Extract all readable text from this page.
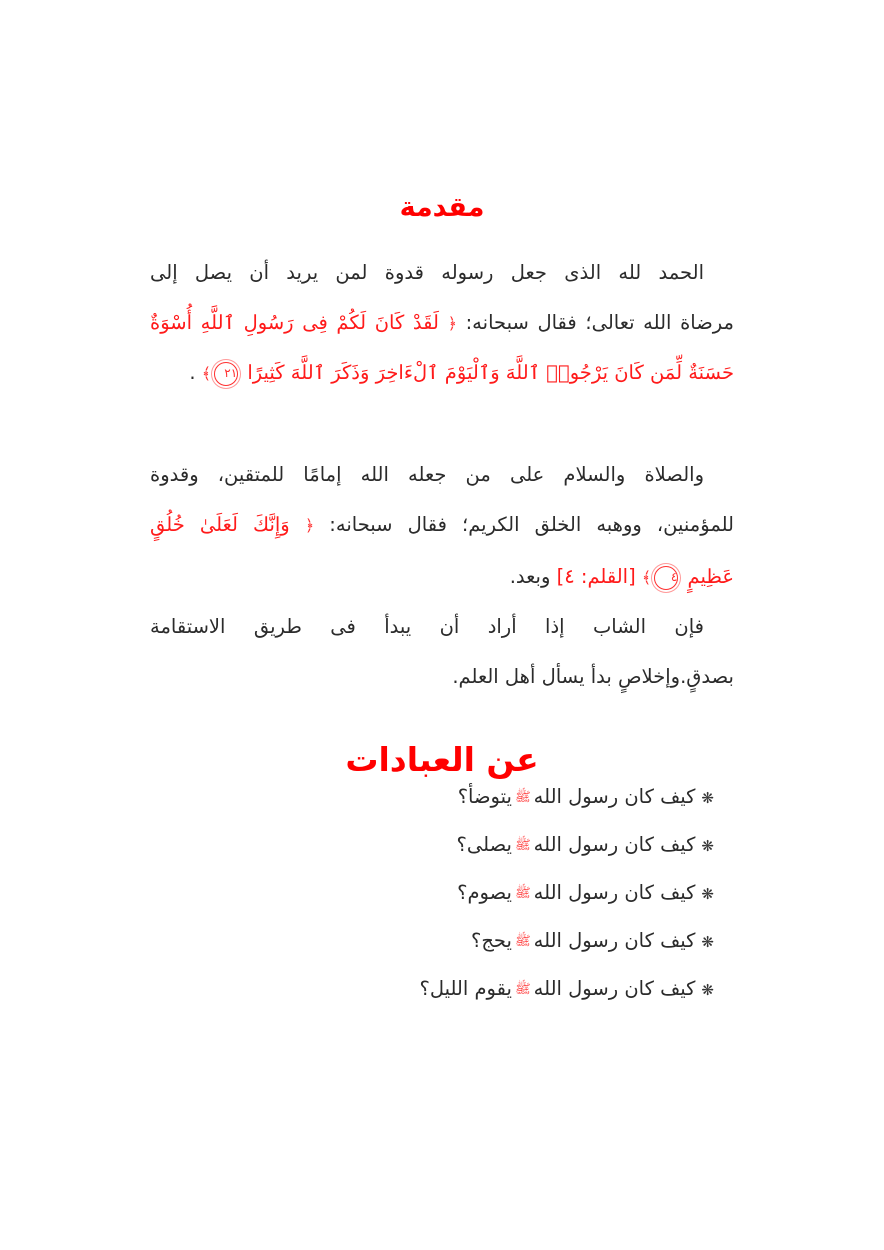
مقدمة
الحمد لله الذى جعل رسوله قدوة لمن يريد أن يصل إلى
مرضاة الله تعالى؛ فقال سبحانه: ﴿ لَقَدْ كَانَ لَكُمْ فِى رَسُولِ ٱللَّهِ أُسْوَةٌ
حَسَنَةٌ لِّمَن كَانَ يَرْجُوا۟ ٱللَّهَ وَٱلْيَوْمَ ٱلْءَاخِرَ وَذَكَرَ ٱللَّهَ كَثِيرًا ٢١﴾ .
والصلاة والسلام على من جعله الله إمامًا للمتقين، وقدوة
للمؤمنين، ووهبه الخلق الكريم؛ فقال سبحانه: ﴿ وَإِنَّكَ لَعَلَىٰ خُلُقٍ
عَظِيمٍ ٤﴾ [القلم: ٤] وبعد.
فإن الشاب إذا أراد أن يبدأ فى طريق الاستقامة
بصدقٍ.وإخلاصٍ بدأ يسأل أهل العلم.
عن العبادات
❋كيف كان رسول اللهﷺيتوضأ؟
❋كيف كان رسول اللهﷺيصلى؟
❋كيف كان رسول اللهﷺيصوم؟
❋كيف كان رسول اللهﷺيحج؟
❋كيف كان رسول اللهﷺيقوم الليل؟
